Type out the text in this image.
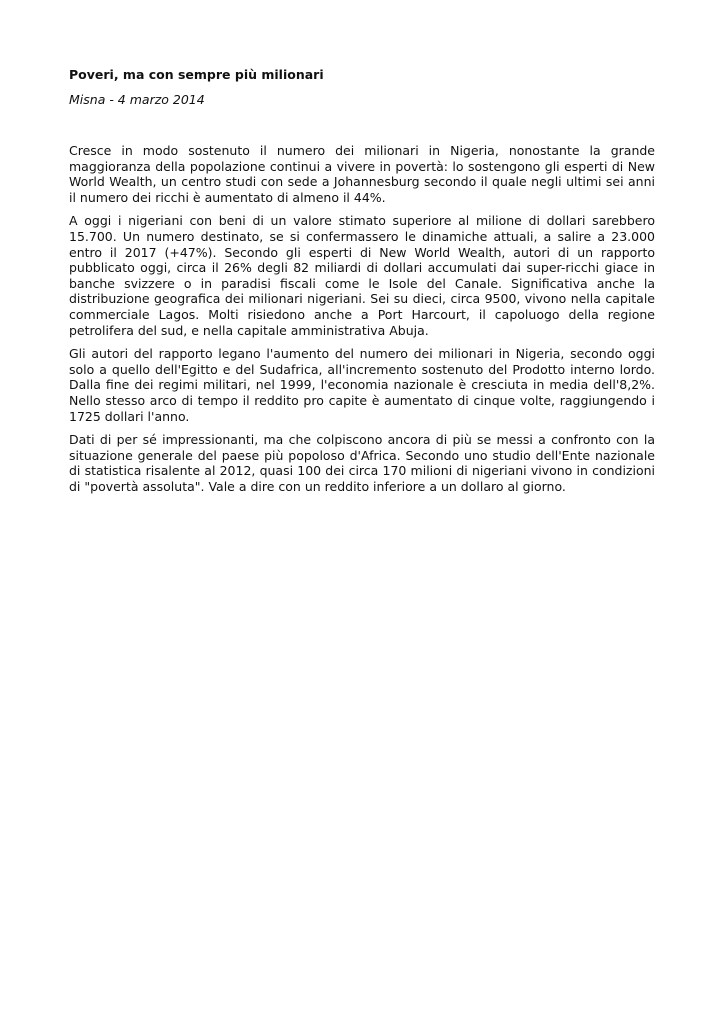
Poveri, ma con sempre più milionari
Misna - 4 marzo 2014

Cresce in modo sostenuto il numero dei milionari in Nigeria, nonostante la grande maggioranza della popolazione continui a vivere in povertà: lo sostengono gli esperti di New World Wealth, un centro studi con sede a Johannesburg secondo il quale negli ultimi sei anni il numero dei ricchi è aumentato di almeno il 44%.

A oggi i nigeriani con beni di un valore stimato superiore al milione di dollari sarebbero 15.700. Un numero destinato, se si confermassero le dinamiche attuali, a salire a 23.000 entro il 2017 (+47%). Secondo gli esperti di New World Wealth, autori di un rapporto pubblicato oggi, circa il 26% degli 82 miliardi di dollari accumulati dai super-ricchi giace in banche svizzere o in paradisi fiscali come le Isole del Canale. Significativa anche la distribuzione geografica dei milionari nigeriani. Sei su dieci, circa 9500, vivono nella capitale commerciale Lagos. Molti risiedono anche a Port Harcourt, il capoluogo della regione petrolifera del sud, e nella capitale amministrativa Abuja.

Gli autori del rapporto legano l'aumento del numero dei milionari in Nigeria, secondo oggi solo a quello dell'Egitto e del Sudafrica, all'incremento sostenuto del Prodotto interno lordo. Dalla fine dei regimi militari, nel 1999, l'economia nazionale è cresciuta in media dell'8,2%. Nello stesso arco di tempo il reddito pro capite è aumentato di cinque volte, raggiungendo i 1725 dollari l'anno.

Dati di per sé impressionanti, ma che colpiscono ancora di più se messi a confronto con la situazione generale del paese più popoloso d'Africa. Secondo uno studio dell'Ente nazionale di statistica risalente al 2012, quasi 100 dei circa 170 milioni di nigeriani vivono in condizioni di "povertà assoluta". Vale a dire con un reddito inferiore a un dollaro al giorno.
